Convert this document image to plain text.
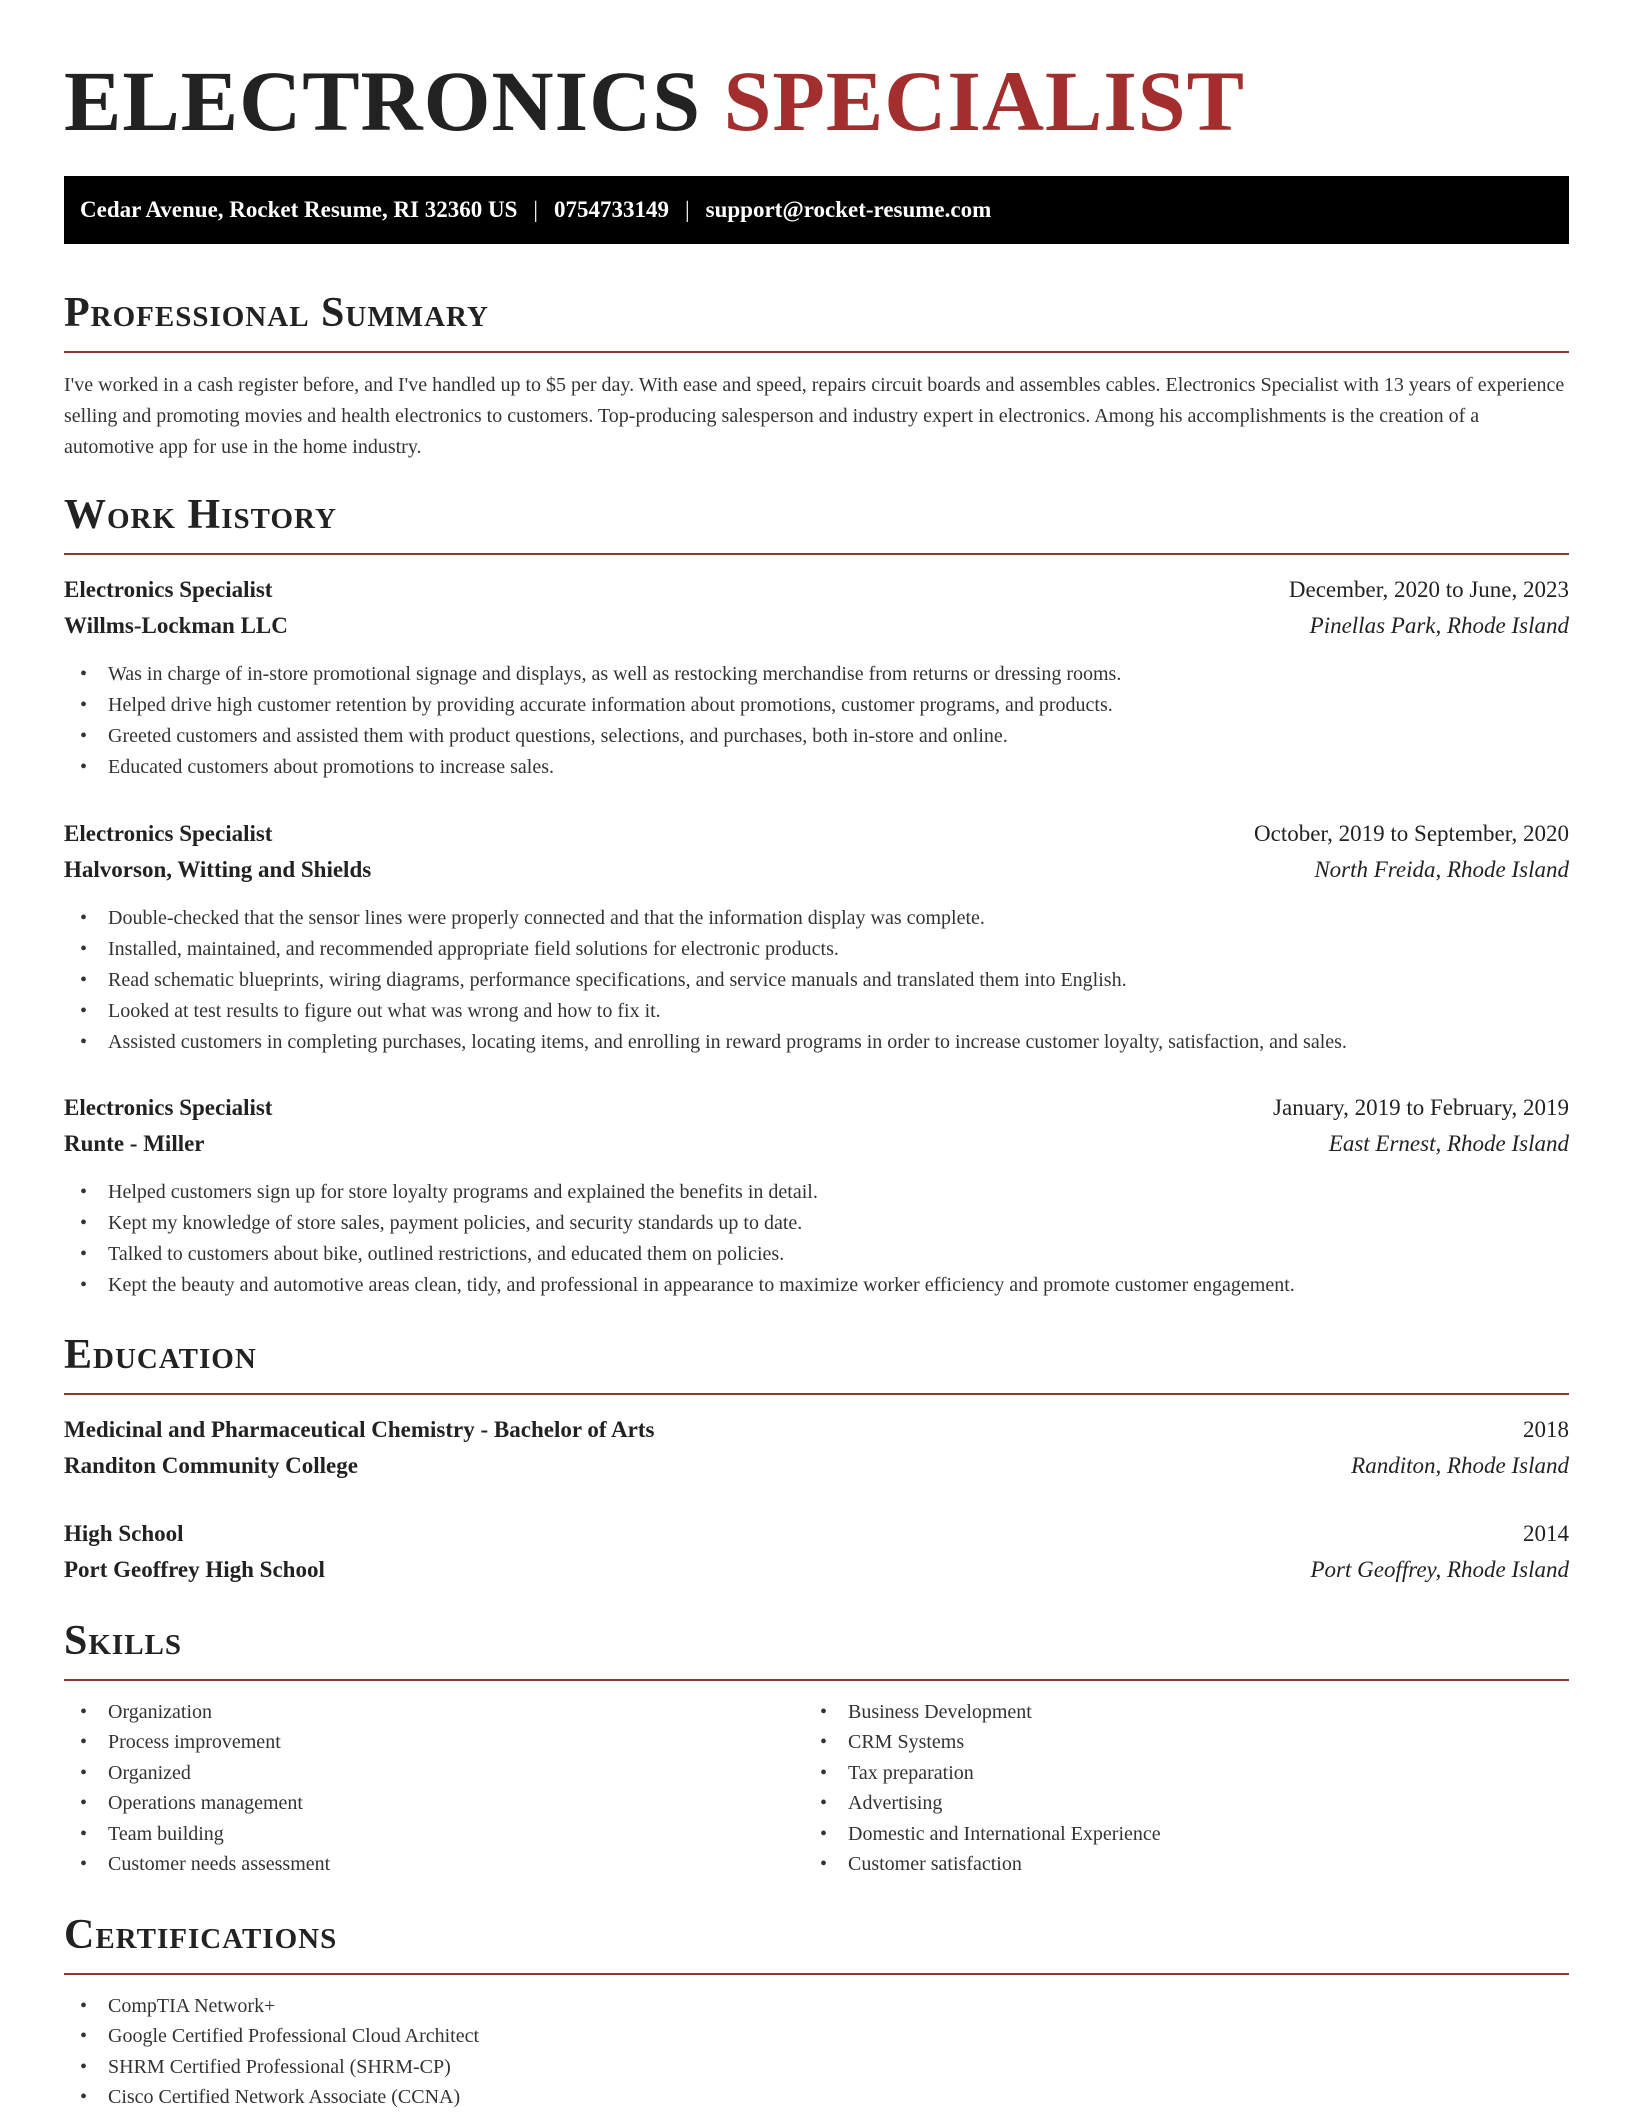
ELECTRONICS SPECIALIST
Cedar Avenue, Rocket Resume, RI 32360 US | 0754733149 | support@rocket-resume.com
Professional Summary
I've worked in a cash register before, and I've handled up to $5 per day. With ease and speed, repairs circuit boards and assembles cables. Electronics Specialist with 13 years of experience selling and promoting movies and health electronics to customers. Top-producing salesperson and industry expert in electronics. Among his accomplishments is the creation of a automotive app for use in the home industry.
Work History
Electronics Specialist	December, 2020 to June, 2023
Willms-Lockman LLC	Pinellas Park, Rhode Island
• Was in charge of in-store promotional signage and displays, as well as restocking merchandise from returns or dressing rooms.
• Helped drive high customer retention by providing accurate information about promotions, customer programs, and products.
• Greeted customers and assisted them with product questions, selections, and purchases, both in-store and online.
• Educated customers about promotions to increase sales.
Electronics Specialist	October, 2019 to September, 2020
Halvorson, Witting and Shields	North Freida, Rhode Island
• Double-checked that the sensor lines were properly connected and that the information display was complete.
• Installed, maintained, and recommended appropriate field solutions for electronic products.
• Read schematic blueprints, wiring diagrams, performance specifications, and service manuals and translated them into English.
• Looked at test results to figure out what was wrong and how to fix it.
• Assisted customers in completing purchases, locating items, and enrolling in reward programs in order to increase customer loyalty, satisfaction, and sales.
Electronics Specialist	January, 2019 to February, 2019
Runte - Miller	East Ernest, Rhode Island
• Helped customers sign up for store loyalty programs and explained the benefits in detail.
• Kept my knowledge of store sales, payment policies, and security standards up to date.
• Talked to customers about bike, outlined restrictions, and educated them on policies.
• Kept the beauty and automotive areas clean, tidy, and professional in appearance to maximize worker efficiency and promote customer engagement.
Education
Medicinal and Pharmaceutical Chemistry - Bachelor of Arts	2018
Randiton Community College	Randiton, Rhode Island
High School	2014
Port Geoffrey High School	Port Geoffrey, Rhode Island
Skills
• Organization
• Process improvement
• Organized
• Operations management
• Team building
• Customer needs assessment
• Business Development
• CRM Systems
• Tax preparation
• Advertising
• Domestic and International Experience
• Customer satisfaction
Certifications
• CompTIA Network+
• Google Certified Professional Cloud Architect
• SHRM Certified Professional (SHRM-CP)
• Cisco Certified Network Associate (CCNA)
